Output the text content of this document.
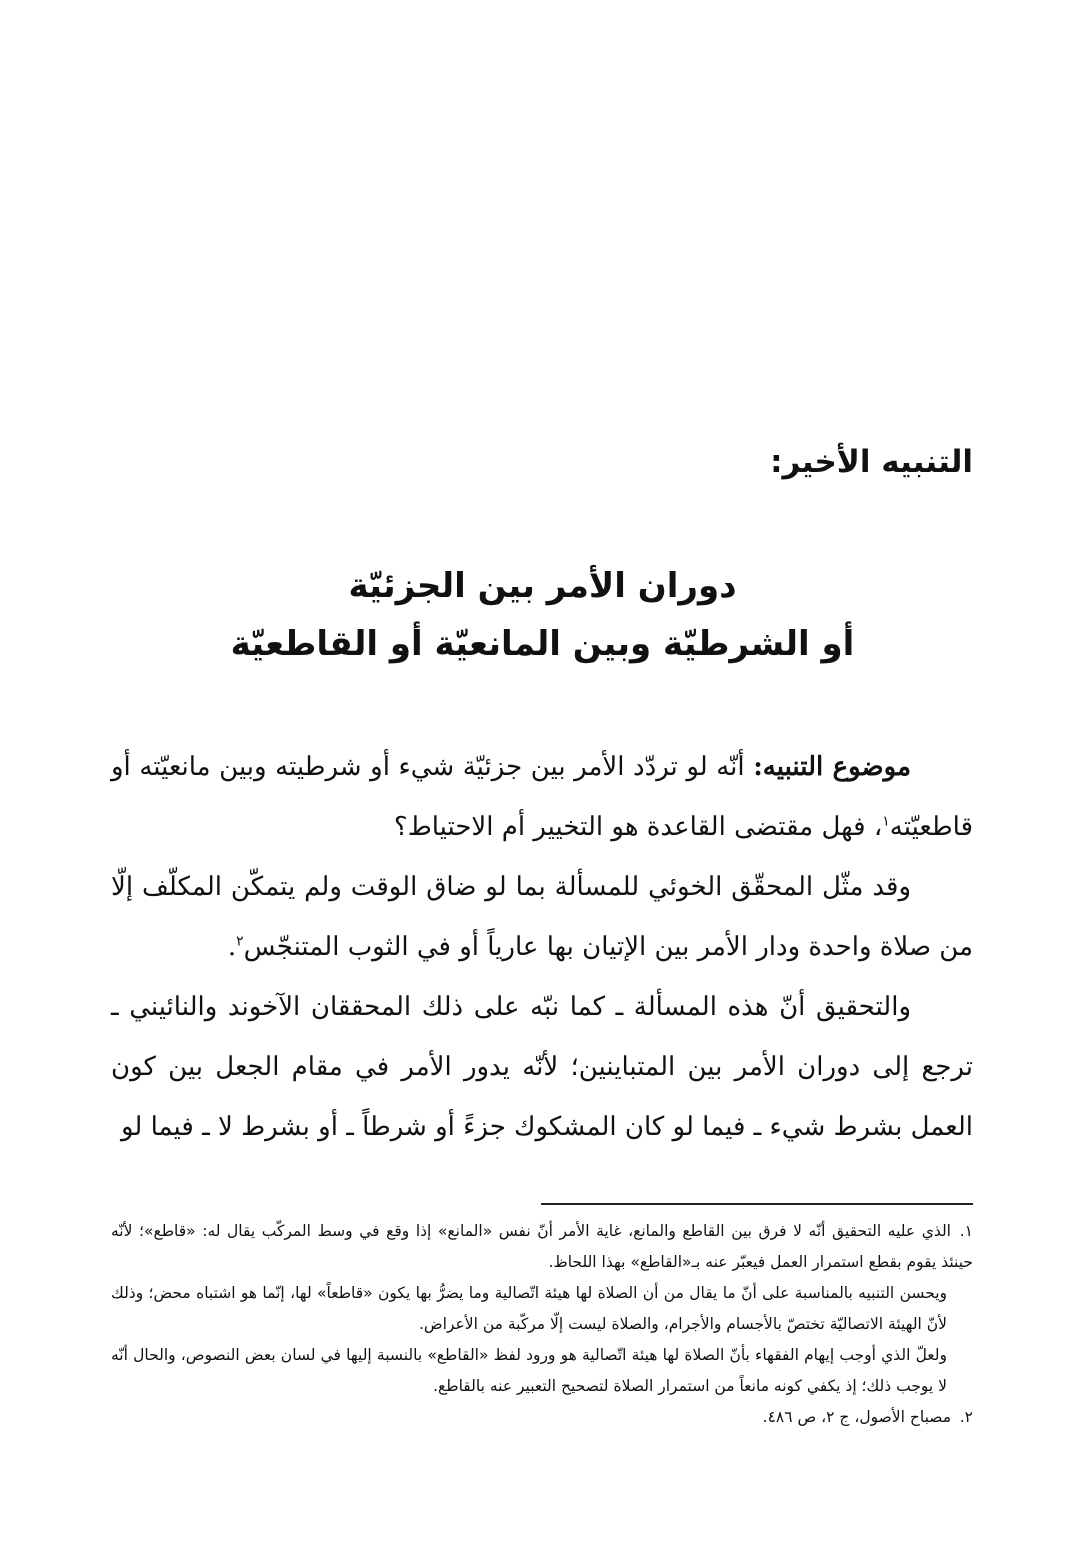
التنبيه الأخير:
دوران الأمر بين الجزئيّة
أو الشرطيّة وبين المانعيّة أو القاطعيّة

موضوع التنبيه: أنّه لو تردّد الأمر بين جزئيّة شيء أو شرطيته وبين مانعيّته أو قاطعيّته$^١$، فهل مقتضى القاعدة هو التخيير أم الاحتياط؟

وقد مثّل المحقّق الخوئي للمسألة بما لو ضاق الوقت ولم يتمكّن المكلّف إلّا من صلاة واحدة ودار الأمر بين الإتيان بها عارياً أو في الثوب المتنجّس$^٢$.

والتحقيق أنّ هذه المسألة ـ كما نبّه على ذلك المحققان الآخوند والنائيني ـ ترجع إلى دوران الأمر بين المتباينين؛ لأنّه يدور الأمر في مقام الجعل بين كون العمل بشرط شيء ـ فيما لو كان المشكوك جزءً أو شرطاً ـ أو بشرط لا ـ فيما لو

١.الذي عليه التحقيق أنّه لا فرق بين القاطع والمانع، غاية الأمر أنّ نفس «المانع» إذا وقع في وسط المركّب يقال له: «قاطع»؛ لأنّه حينئذ يقوم بقطع استمرار العمل فيعبّر عنه بـ«القاطع» بهذا اللحاظ.

ويحسن التنبيه بالمناسبة على أنّ ما يقال من أن الصلاة لها هيئة اتّصالية وما يضرُّ بها يكون «قاطعاً» لها، إنّما هو اشتباه محض؛ وذلك لأنّ الهيئة الاتصاليّة تختصّ بالأجسام والأجرام، والصلاة ليست إلّا مركّبة من الأعراض.

ولعلّ الذي أوجب إيهام الفقهاء بأنّ الصلاة لها هيئة اتّصالية هو ورود لفظ «القاطع» بالنسبة إليها في لسان بعض النصوص، والحال أنّه لا يوجب ذلك؛ إذ يكفي كونه مانعاً من استمرار الصلاة لتصحيح التعبير عنه بالقاطع.

٢.مصباح الأصول، ج ٢، ص ٤٨٦.
